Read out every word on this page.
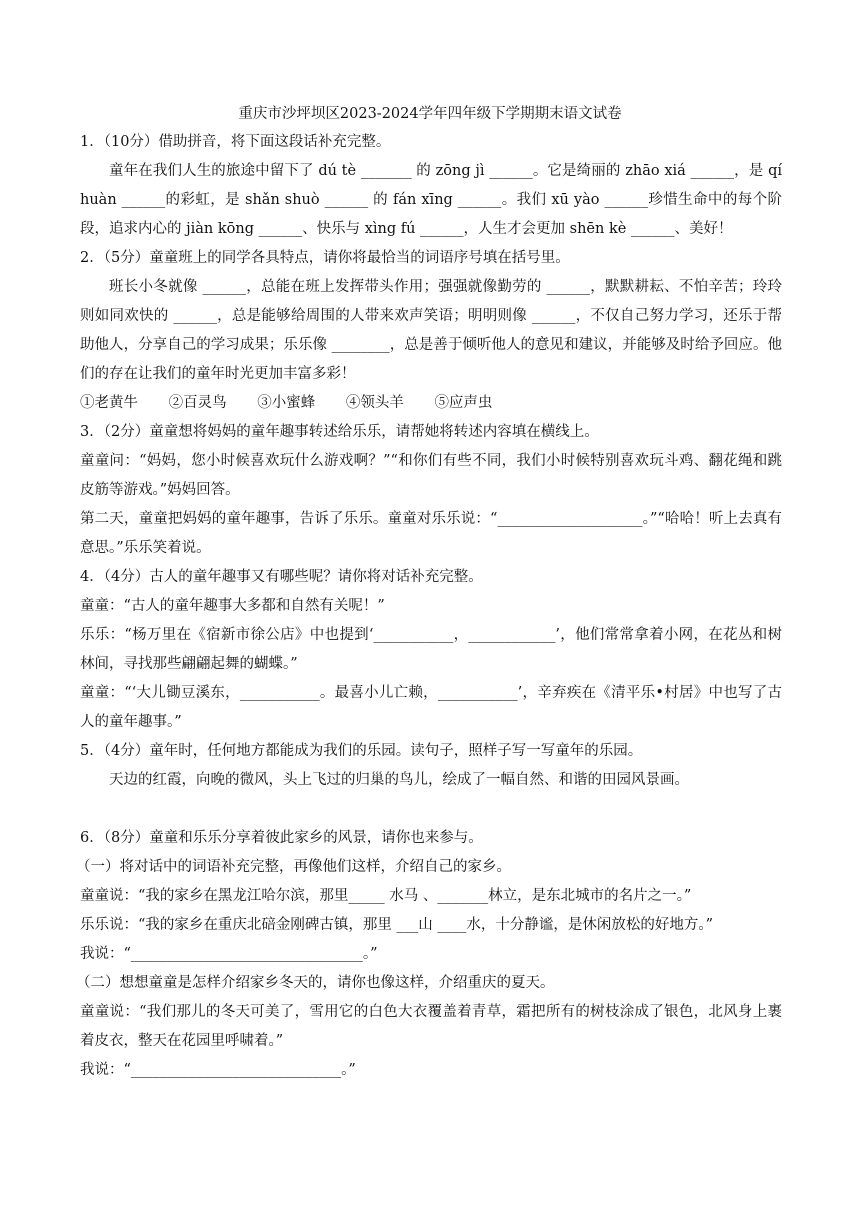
重庆市沙坪坝区2023-2024学年四年级下学期期末语文试卷

1．（10分）借助拼音，将下面这段话补充完整。

童年在我们人生的旅途中留下了 dú tè _______ 的 zōng jì ______。它是绮丽的 zhāo xiá ______，是 qí huàn ______的彩虹，是 shǎn shuò ______ 的 fán xīng ______。我们 xū yào ______珍惜生命中的每个阶段，追求内心的 jiàn kōng ______、快乐与 xìng fú ______，人生才会更加 shēn kè ______、美好！

2．（5分）童童班上的同学各具特点，请你将最恰当的词语序号填在括号里。

班长小冬就像 ______，总能在班上发挥带头作用；强强就像勤劳的 ______，默默耕耘、不怕辛苦；玲玲则如同欢快的 ______，总是能够给周围的人带来欢声笑语；明明则像 ______，不仅自己努力学习，还乐于帮助他人，分享自己的学习成果；乐乐像 ________，总是善于倾听他人的意见和建议，并能够及时给予回应。他们的存在让我们的童年时光更加丰富多彩！

①老黄牛 ②百灵鸟 ③小蜜蜂 ④领头羊 ⑤应声虫

3．（2分）童童想将妈妈的童年趣事转述给乐乐，请帮她将转述内容填在横线上。

童童问：“妈妈，您小时候喜欢玩什么游戏啊？”“和你们有些不同，我们小时候特别喜欢玩斗鸡、翻花绳和跳皮筋等游戏。”妈妈回答。

第二天，童童把妈妈的童年趣事，告诉了乐乐。童童对乐乐说：“____________________。”“哈哈！听上去真有意思。”乐乐笑着说。

4．（4分）古人的童年趣事又有哪些呢？请你将对话补充完整。

童童：“古人的童年趣事大多都和自然有关呢！”

乐乐：“杨万里在《宿新市徐公店》中也提到‘___________，____________’，他们常常拿着小网，在花丛和树林间，寻找那些翩翩起舞的蝴蝶。”

童童：“‘大儿锄豆溪东，___________。最喜小儿亡赖，___________’，辛弃疾在《清平乐•村居》中也写了古人的童年趣事。”

5．（4分）童年时，任何地方都能成为我们的乐园。读句子，照样子写一写童年的乐园。

天边的红霞，向晚的微风，头上飞过的归巢的鸟儿，绘成了一幅自然、和谐的田园风景画。

6．（8分）童童和乐乐分享着彼此家乡的风景，请你也来参与。

（一）将对话中的词语补充完整，再像他们这样，介绍自己的家乡。

童童说：“我的家乡在黑龙江哈尔滨，那里_____ 水马 、_______林立，是东北城市的名片之一。”

乐乐说：“我的家乡在重庆北碚金刚碑古镇，那里 ___山 ____水，十分静谧，是休闲放松的好地方。”

我说：“________________________________。”

（二）想想童童是怎样介绍家乡冬天的，请你也像这样，介绍重庆的夏天。

童童说：“我们那儿的冬天可美了，雪用它的白色大衣覆盖着青草，霜把所有的树枝涂成了银色，北风身上裹着皮衣，整天在花园里呼啸着。”

我说：“_____________________________。”
